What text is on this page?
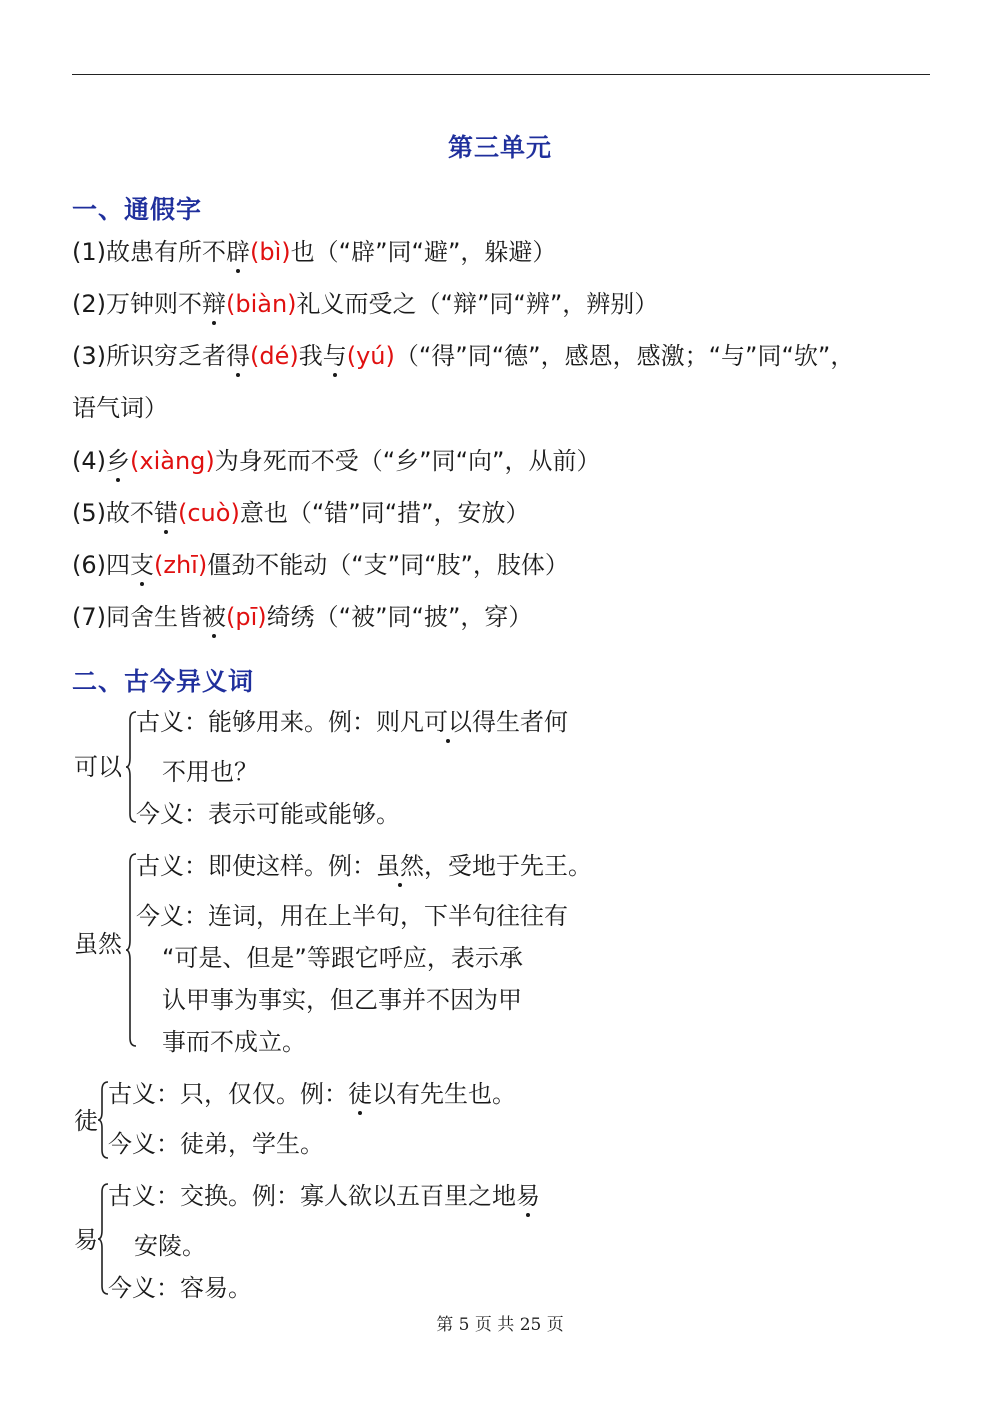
第三单元
一、通假字
(1)故患有所不辟(bì)也（“辟”同“避”，躲避）
(2)万钟则不辩(biàn)礼义而受之（“辩”同“辨”，辨别）
(3)所识穷乏者得(dé)我与(yú)（“得”同“德”，感恩，感激；“与”同“欤”，
语气词）
(4)乡(xiàng)为身死而不受（“乡”同“向”，从前）
(5)故不错(cuò)意也（“错”同“措”，安放）
(6)四支(zhī)僵劲不能动（“支”同“肢”，肢体）
(7)同舍生皆被(pī)绮绣（“被”同“披”，穿）
二、古今异义词
可以
古义：能够用来。例：则凡可以得生者何
不用也？
今义：表示可能或能够。
虽然
古义：即使这样。例：虽然，受地于先王。
今义：连词，用在上半句，下半句往往有
“可是、但是”等跟它呼应，表示承
认甲事为事实，但乙事并不因为甲
事而不成立。
徒
古义：只，仅仅。例：徒以有先生也。
今义：徒弟，学生。
易
古义：交换。例：寡人欲以五百里之地易
安陵。
今义：容易。
第 5 页 共 25 页
